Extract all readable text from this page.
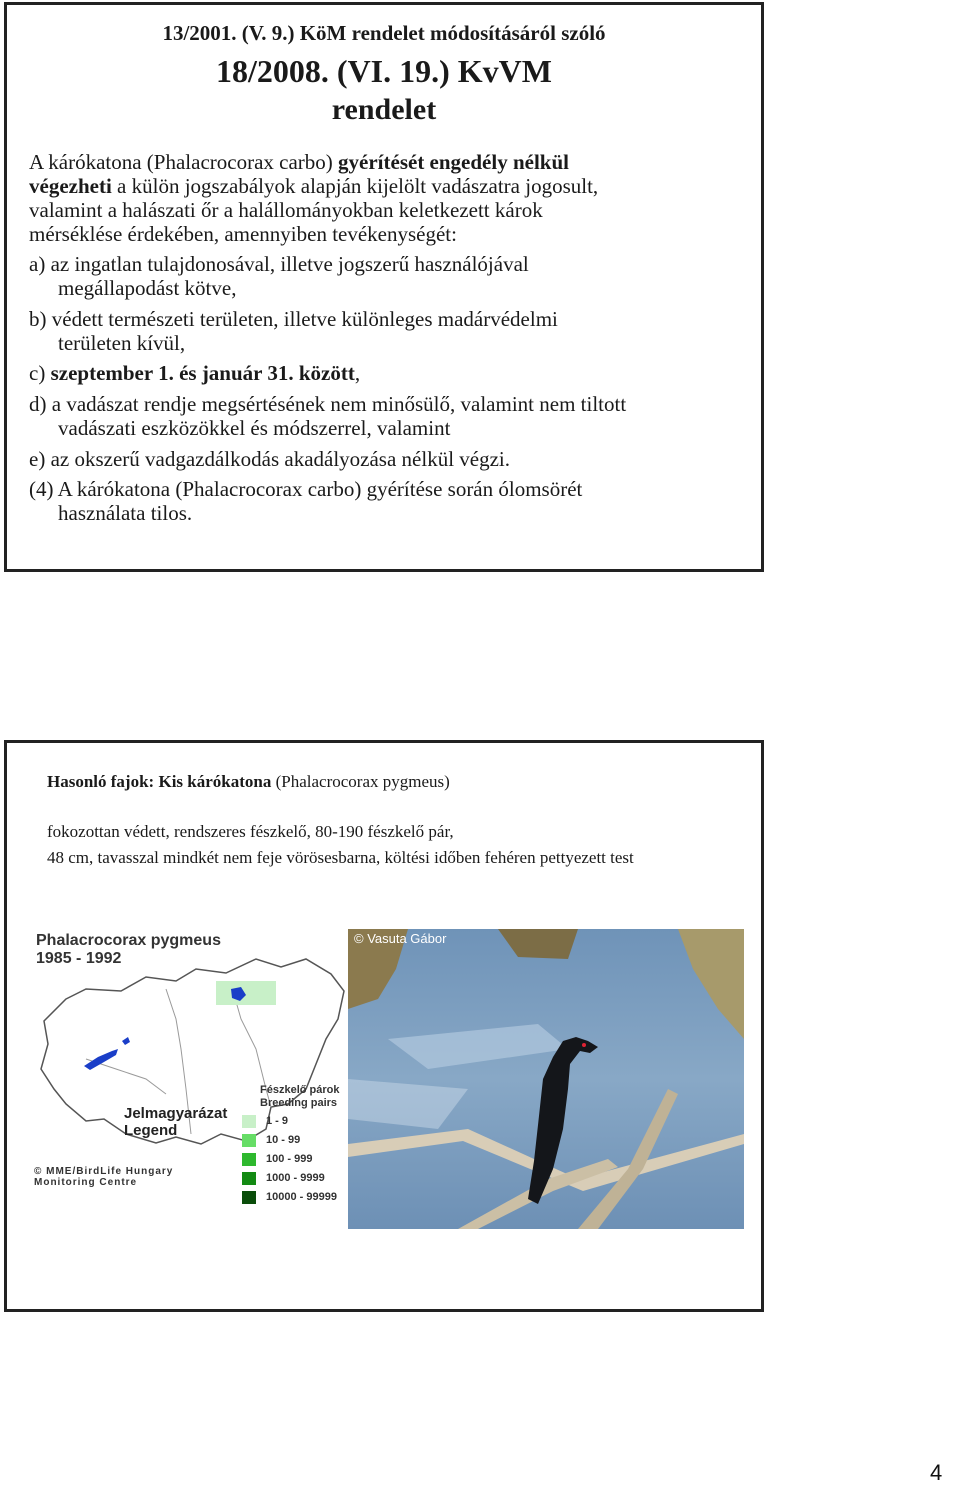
13/2001. (V. 9.) KöM rendelet módosításáról szóló
18/2008. (VI. 19.) KvVM
rendelet
A kárókatona (Phalacrocorax carbo) gyérítését engedély nélkül
végezheti a külön jogszabályok alapján kijelölt vadászatra jogosult,
valamint a halászati őr a halállományokban keletkezett károk
mérséklése érdekében, amennyiben tevékenységét:
a) az ingatlan tulajdonosával, illetve jogszerű használójával
megállapodást kötve,
b) védett természeti területen, illetve különleges madárvédelmi
területen kívül,
c) szeptember 1. és január 31. között,
d) a vadászat rendje megsértésének nem minősülő, valamint nem tiltott
vadászati eszközökkel és módszerrel, valamint
e) az okszerű vadgazdálkodás akadályozása nélkül végzi.
(4) A kárókatona (Phalacrocorax carbo) gyérítése során ólomsörét
használata tilos.
Hasonló fajok: Kis kárókatona (Phalacrocorax pygmeus)
fokozottan védett, rendszeres fészkelő, 80-190 fészkelő pár,
48 cm, tavasszal mindkét nem feje vörösesbarna, költési időben fehéren pettyezett test
Phalacrocorax pygmeus
1985 - 1992
Fészkelő párok
Breeding pairs
1 - 9
10 - 99
100 - 999
1000 - 9999
10000 - 99999
Jelmagyarázat
Legend
© MME/BirdLife Hungary
Monitoring Centre
© Vasuta Gábor
4
